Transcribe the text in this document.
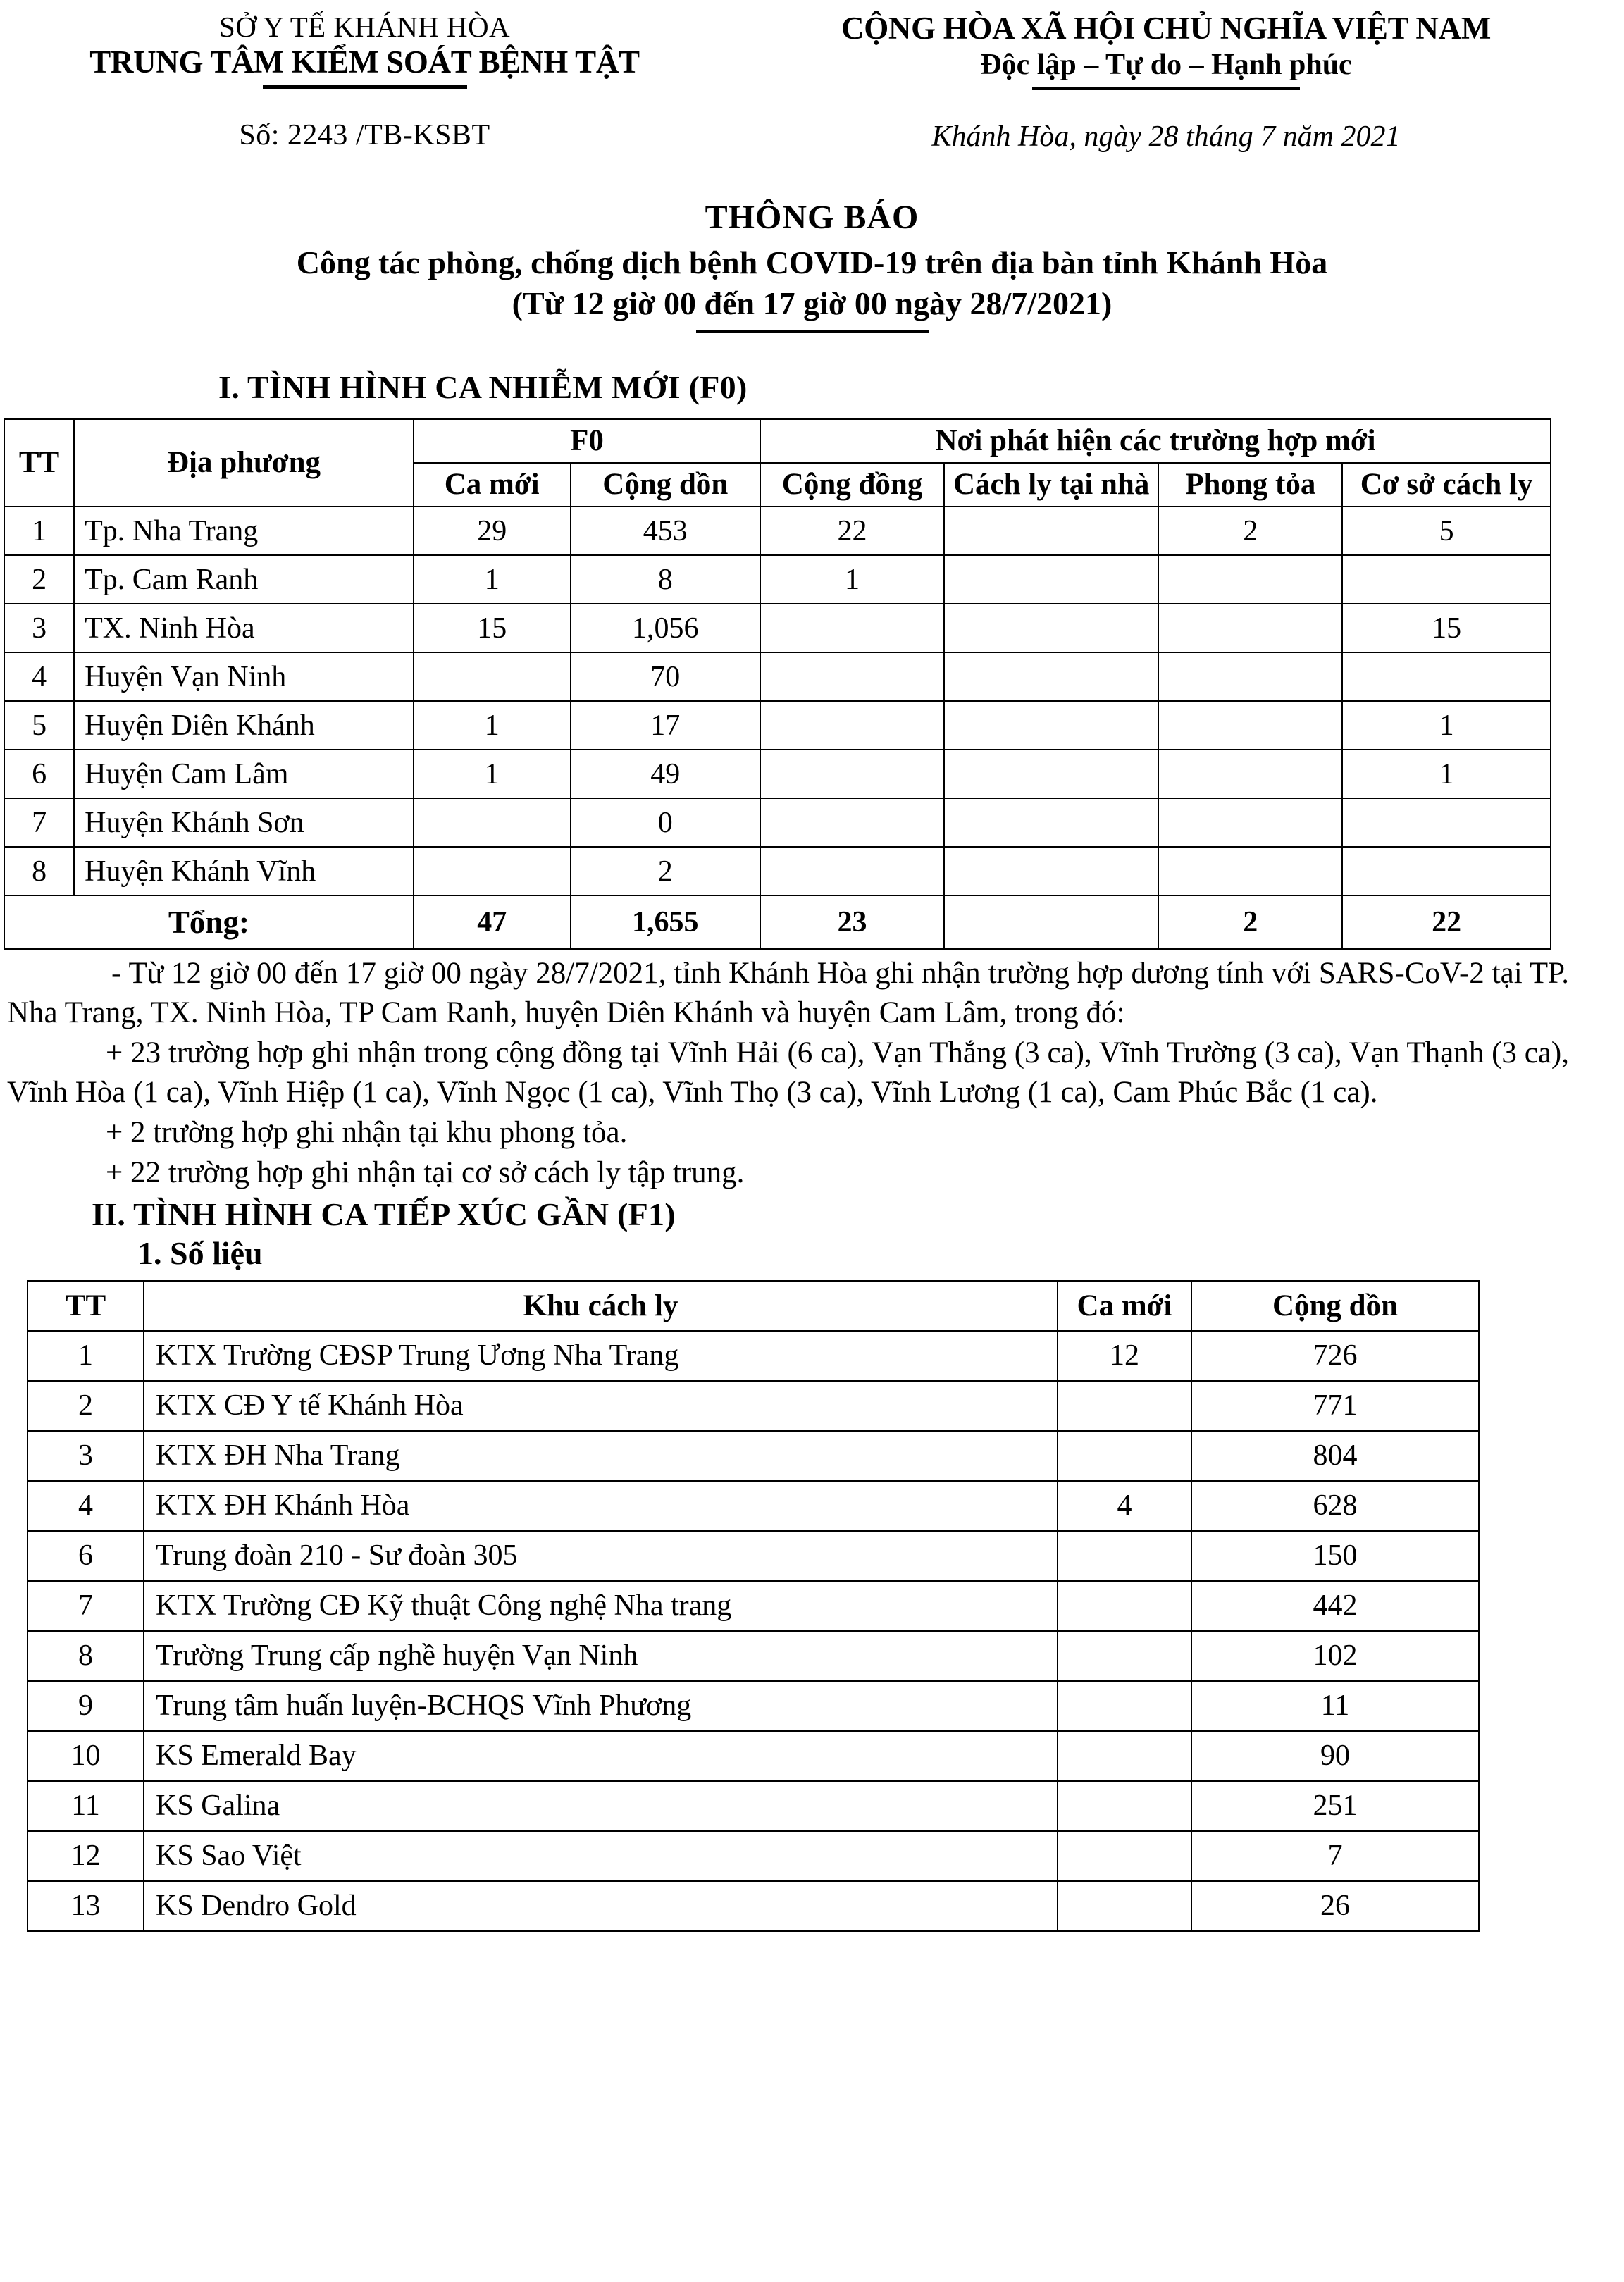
SỞ Y TẾ KHÁNH HÒA
TRUNG TÂM KIỂM SOÁT BỆNH TẬT
Số: 2243 /TB-KSBT
CỘNG HÒA XÃ HỘI CHỦ NGHĨA VIỆT NAM
Độc lập – Tự do – Hạnh phúc
Khánh Hòa, ngày 28 tháng 7 năm 2021
THÔNG BÁO
Công tác phòng, chống dịch bệnh COVID-19 trên địa bàn tỉnh Khánh Hòa
(Từ 12 giờ 00 đến 17 giờ 00 ngày 28/7/2021)
I. TÌNH HÌNH CA NHIỄM MỚI (F0)
TT	Địa phương	F0		Nơi phát hiện các trường hợp mới			
		Ca mới	Cộng dồn	Cộng đồng	Cách ly tại nhà	Phong tỏa	Cơ sở cách ly
1	Tp. Nha Trang	29	453	22		2	5
2	Tp. Cam Ranh	1	8	1			
3	TX. Ninh Hòa	15	1,056				15
4	Huyện Vạn Ninh		70				
5	Huyện Diên Khánh	1	17				1
6	Huyện Cam Lâm	1	49				1
7	Huyện Khánh Sơn		0				
8	Huyện Khánh Vĩnh		2				
Tổng:		47	1,655	23		2	22
- Từ 12 giờ 00 đến 17 giờ 00 ngày 28/7/2021, tỉnh Khánh Hòa ghi nhận trường hợp dương tính với SARS-CoV-2 tại TP. Nha Trang, TX. Ninh Hòa, TP Cam Ranh, huyện Diên Khánh và huyện Cam Lâm, trong đó:
+ 23 trường hợp ghi nhận trong cộng đồng tại Vĩnh Hải (6 ca), Vạn Thắng (3 ca), Vĩnh Trường (3 ca), Vạn Thạnh (3 ca), Vĩnh Hòa (1 ca), Vĩnh Hiệp (1 ca), Vĩnh Ngọc (1 ca), Vĩnh Thọ (3 ca), Vĩnh Lương (1 ca), Cam Phúc Bắc (1 ca).
+ 2 trường hợp ghi nhận tại khu phong tỏa.
+ 22 trường hợp ghi nhận tại cơ sở cách ly tập trung.
II. TÌNH HÌNH CA TIẾP XÚC GẦN (F1)
1. Số liệu
TT	Khu cách ly	Ca mới	Cộng dồn
1	KTX Trường CĐSP Trung Ương Nha Trang	12	726
2	KTX CĐ Y tế Khánh Hòa		771
3	KTX ĐH Nha Trang		804
4	KTX ĐH Khánh Hòa	4	628
6	Trung đoàn 210 - Sư đoàn 305		150
7	KTX Trường CĐ Kỹ thuật Công nghệ Nha trang		442
8	Trường Trung cấp nghề huyện Vạn Ninh		102
9	Trung tâm huấn luyện-BCHQS Vĩnh Phương		11
10	KS Emerald Bay		90
11	KS Galina		251
12	KS Sao Việt		7
13	KS Dendro Gold		26
